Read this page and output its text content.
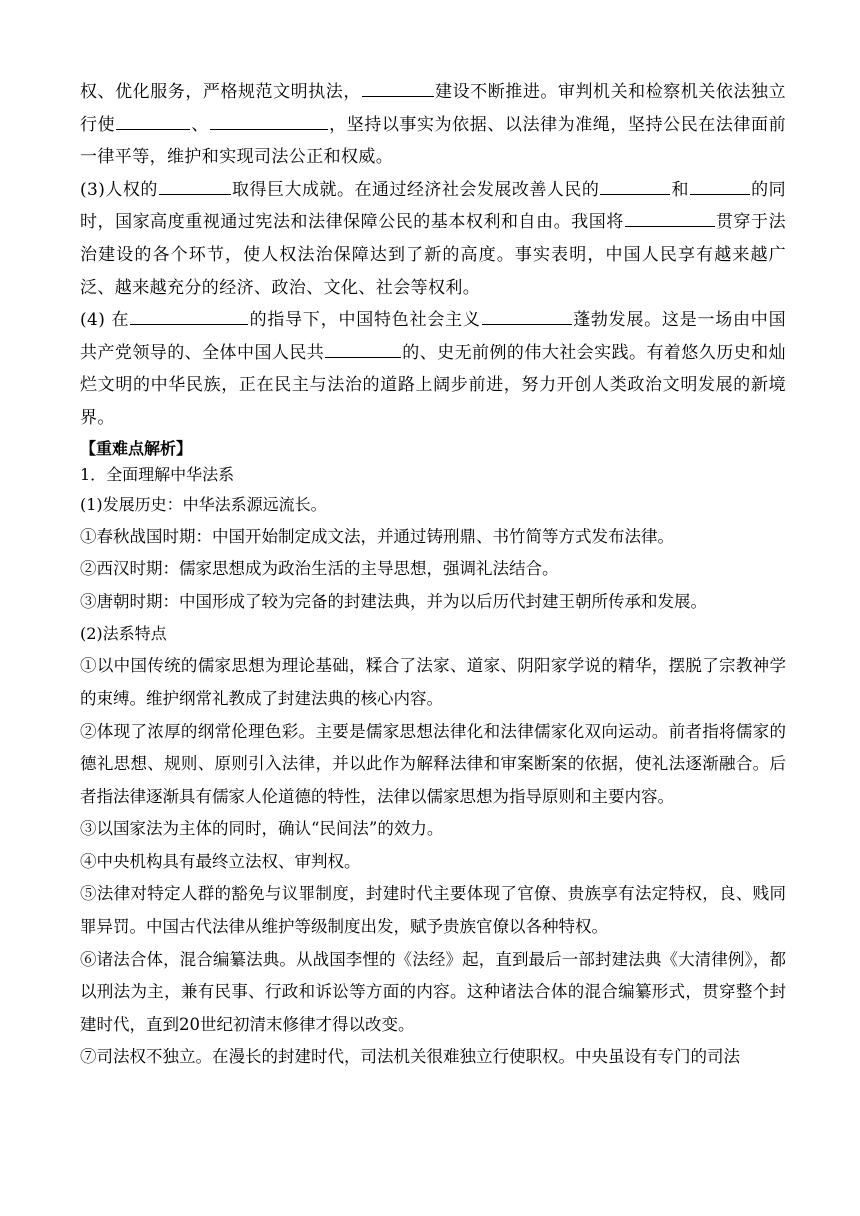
权、优化服务，严格规范文明执法，	建设不断推进。审判机关和检察机关依法独立行使	、	，坚持以事实为依据、以法律为准绳，坚持公民在法律面前一律平等，维护和实现司法公正和权威。

(3)人权的	取得巨大成就。在通过经济社会发展改善人民的	和	的同时，国家高度重视通过宪法和法律保障公民的基本权利和自由。我国将	贯穿于法治建设的各个环节，使人权法治保障达到了新的高度。事实表明，中国人民享有越来越广泛、越来越充分的经济、政治、文化、社会等权利。

(4) 在	的指导下，中国特色社会主义	蓬勃发展。这是一场由中国共产党领导的、全体中国人民共	的、史无前例的伟大社会实践。有着悠久历史和灿烂文明的中华民族，正在民主与法治的道路上阔步前进，努力开创人类政治文明发展的新境界。

【重难点解析】

1．全面理解中华法系

(1)发展历史：中华法系源远流长。

①春秋战国时期：中国开始制定成文法，并通过铸刑鼎、书竹简等方式发布法律。

②西汉时期：儒家思想成为政治生活的主导思想，强调礼法结合。

③唐朝时期：中国形成了较为完备的封建法典，并为以后历代封建王朝所传承和发展。

(2)法系特点

①以中国传统的儒家思想为理论基础，糅合了法家、道家、阴阳家学说的精华，摆脱了宗教神学的束缚。维护纲常礼教成了封建法典的核心内容。

②体现了浓厚的纲常伦理色彩。主要是儒家思想法律化和法律儒家化双向运动。前者指将儒家的德礼思想、规则、原则引入法律，并以此作为解释法律和审案断案的依据，使礼法逐渐融合。后者指法律逐渐具有儒家人伦道德的特性，法律以儒家思想为指导原则和主要内容。

③以国家法为主体的同时，确认“民间法”的效力。

④中央机构具有最终立法权、审判权。

⑤法律对特定人群的豁免与议罪制度，封建时代主要体现了官僚、贵族享有法定特权，良、贱同罪异罚。中国古代法律从维护等级制度出发，赋予贵族官僚以各种特权。

⑥诸法合体，混合编纂法典。从战国李悝的《法经》起，直到最后一部封建法典《大清律例》，都以刑法为主，兼有民事、行政和诉讼等方面的内容。这种诸法合体的混合编纂形式，贯穿整个封建时代，直到20世纪初清末修律才得以改变。

⑦司法权不独立。在漫长的封建时代，司法机关很难独立行使职权。中央虽设有专门的司法
